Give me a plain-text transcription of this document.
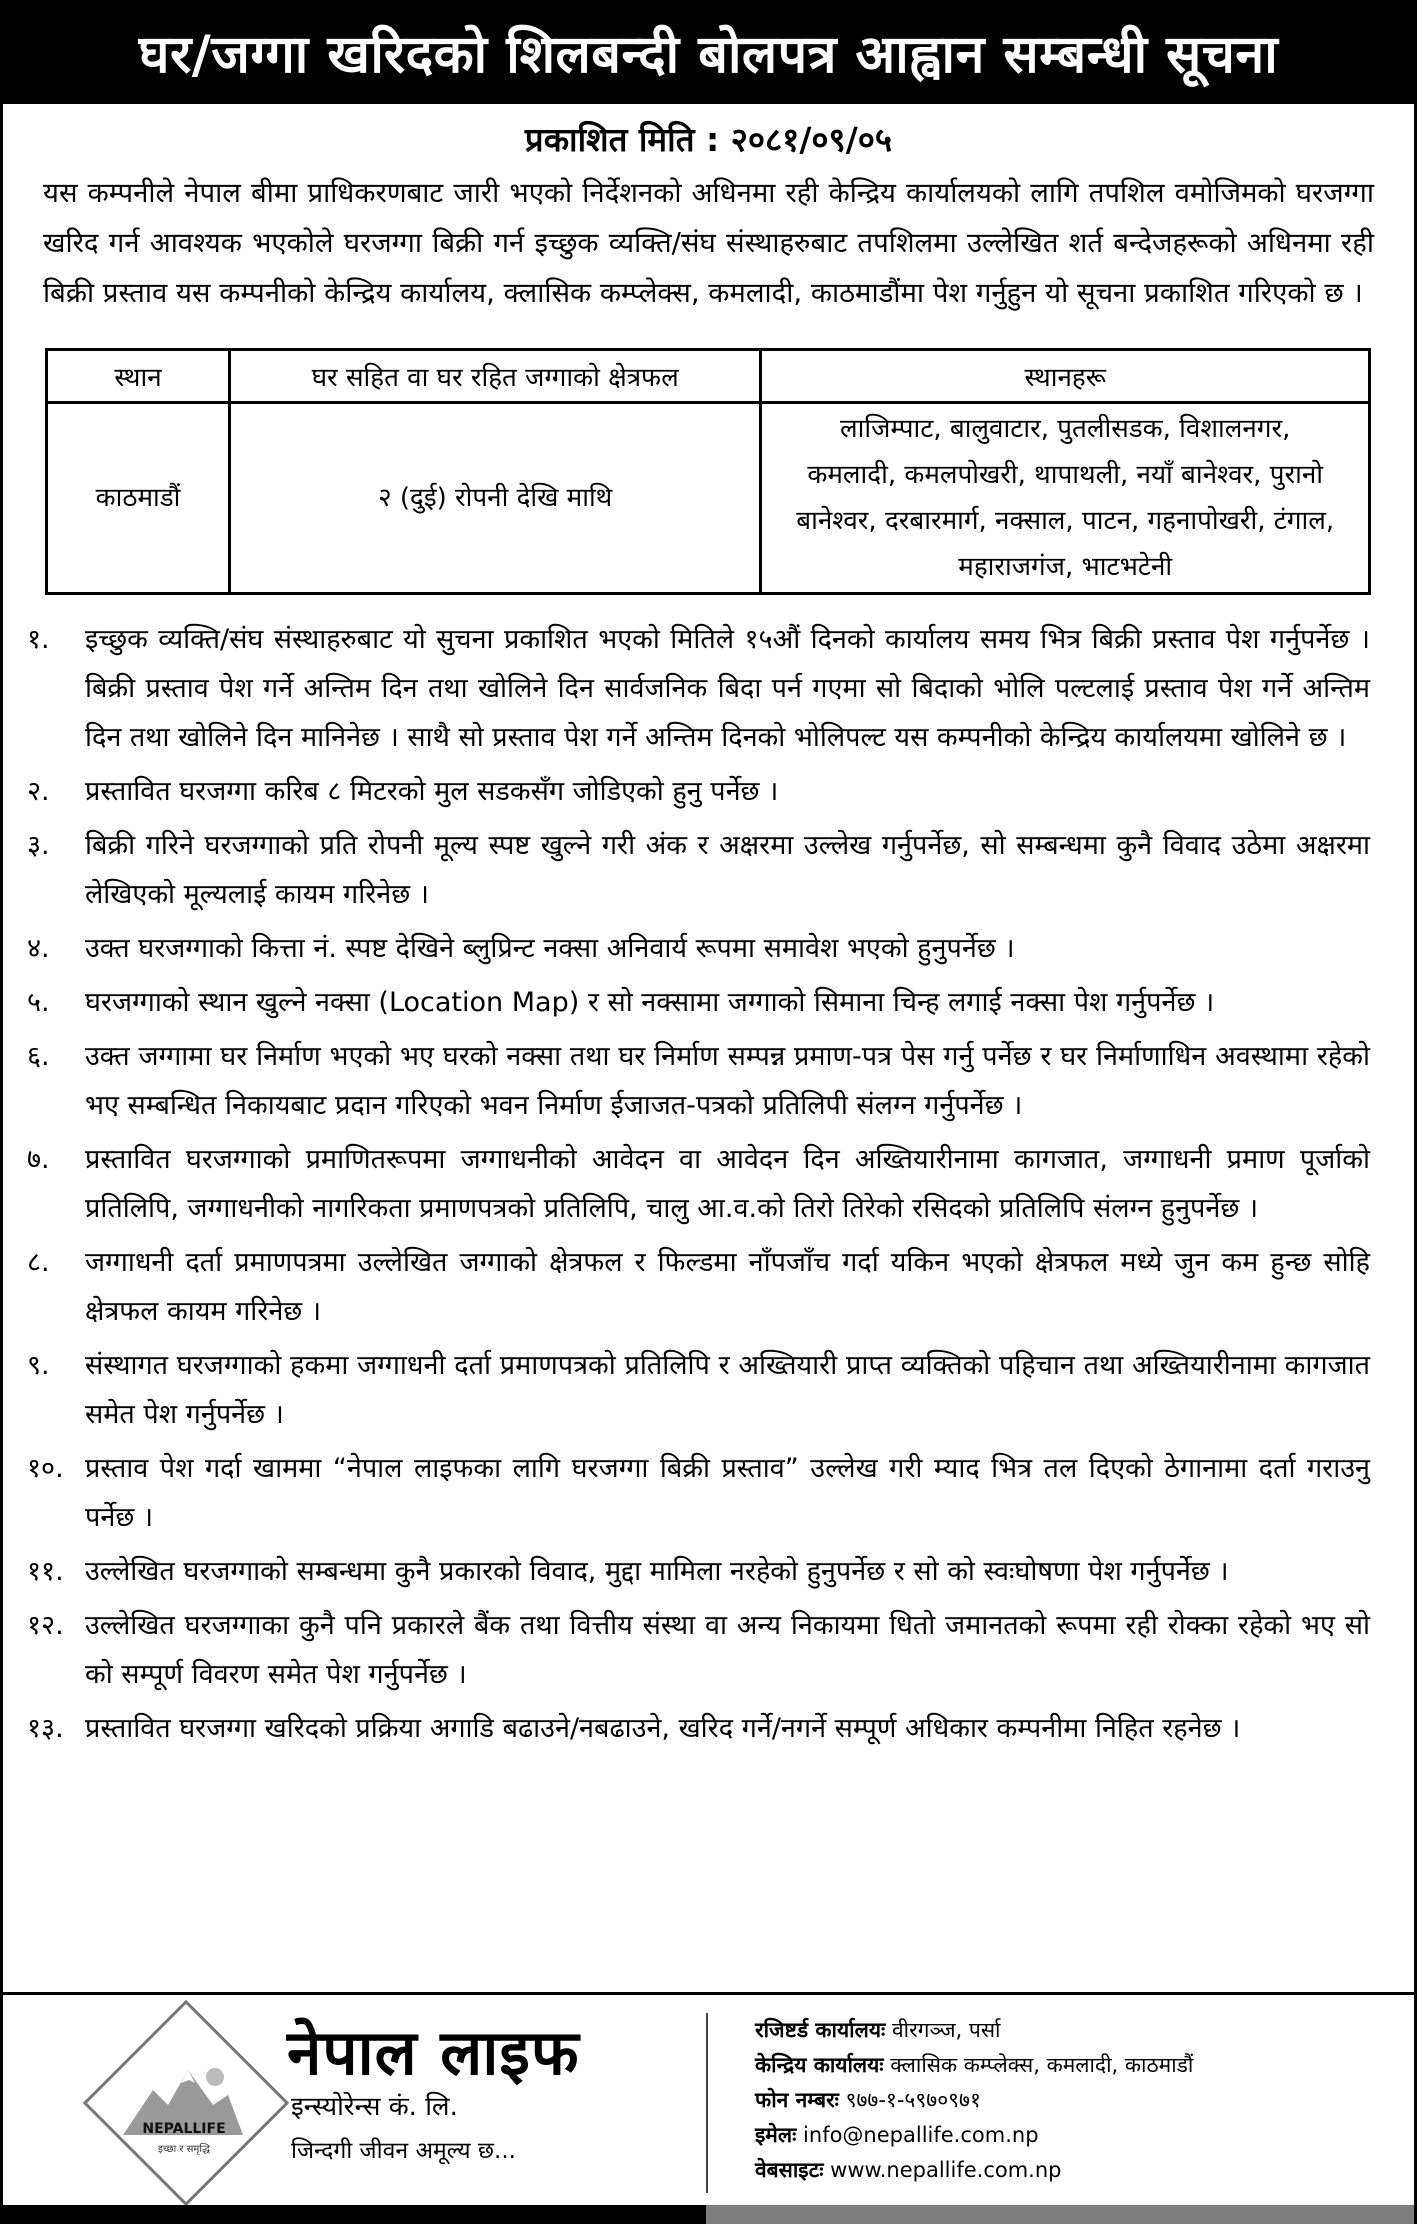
घर/जग्गा खरिदको शिलबन्दी बोलपत्र आह्वान सम्बन्धी सूचना
प्रकाशित मिति : २०८१/०९/०५
यस कम्पनीले नेपाल बीमा प्राधिकरणबाट जारी भएको निर्देशनको अधिनमा रही केन्द्रिय कार्यालयको लागि तपशिल वमोजिमको घरजग्गा खरिद गर्न आवश्यक भएकोले घरजग्गा बिक्री गर्न इच्छुक व्यक्ति/संघ संस्थाहरुबाट तपशिलमा उल्लेखित शर्त बन्देजहरूको अधिनमा रही बिक्री प्रस्ताव यस कम्पनीको केन्द्रिय कार्यालय, क्लासिक कम्प्लेक्स, कमलादी, काठमाडौंमा पेश गर्नुहुन यो सूचना प्रकाशित गरिएको छ ।
स्थान	घर सहित वा घर रहित जग्गाको क्षेत्रफल	स्थानहरू
काठमाडौं	२ (दुई) रोपनी देखि माथि	लाजिम्पाट, बालुवाटार, पुतलीसडक, विशालनगर, कमलादी, कमलपोखरी, थापाथली, नयाँ बानेश्वर, पुरानो बानेश्वर, दरबारमार्ग, नक्साल, पाटन, गहनापोखरी, टंगाल, महाराजगंज, भाटभटेनी
१. इच्छुक व्यक्ति/संघ संस्थाहरुबाट यो सुचना प्रकाशित भएको मितिले १५औं दिनको कार्यालय समय भित्र बिक्री प्रस्ताव पेश गर्नुपर्नेछ । बिक्री प्रस्ताव पेश गर्ने अन्तिम दिन तथा खोलिने दिन सार्वजनिक बिदा पर्न गएमा सो बिदाको भोलि पल्टलाई प्रस्ताव पेश गर्ने अन्तिम दिन तथा खोलिने दिन मानिनेछ । साथै सो प्रस्ताव पेश गर्ने अन्तिम दिनको भोलिपल्ट यस कम्पनीको केन्द्रिय कार्यालयमा खोलिने छ ।
२. प्रस्तावित घरजग्गा करिब ८ मिटरको मुल सडकसँग जोडिएको हुनु पर्नेछ ।
३. बिक्री गरिने घरजग्गाको प्रति रोपनी मूल्य स्पष्ट खुल्ने गरी अंक र अक्षरमा उल्लेख गर्नुपर्नेछ, सो सम्बन्धमा कुनै विवाद उठेमा अक्षरमा लेखिएको मूल्यलाई कायम गरिनेछ ।
४. उक्त घरजग्गाको कित्ता नं. स्पष्ट देखिने ब्लुप्रिन्ट नक्सा अनिवार्य रूपमा समावेश भएको हुनुपर्नेछ ।
५. घरजग्गाको स्थान खुल्ने नक्सा (Location Map) र सो नक्सामा जग्गाको सिमाना चिन्ह लगाई नक्सा पेश गर्नुपर्नेछ ।
६. उक्त जग्गामा घर निर्माण भएको भए घरको नक्सा तथा घर निर्माण सम्पन्न प्रमाण-पत्र पेस गर्नु पर्नेछ र घर निर्माणाधिन अवस्थामा रहेको भए सम्बन्धित निकायबाट प्रदान गरिएको भवन निर्माण ईजाजत-पत्रको प्रतिलिपी संलग्न गर्नुपर्नेछ ।
७. प्रस्तावित घरजग्गाको प्रमाणितरूपमा जग्गाधनीको आवेदन वा आवेदन दिन अख्तियारीनामा कागजात, जग्गाधनी प्रमाण पूर्जाको प्रतिलिपि, जग्गाधनीको नागरिकता प्रमाणपत्रको प्रतिलिपि, चालु आ.व.को तिरो तिरेको रसिदको प्रतिलिपि संलग्न हुनुपर्नेछ ।
८. जग्गाधनी दर्ता प्रमाणपत्रमा उल्लेखित जग्गाको क्षेत्रफल र फिल्डमा नाँपजाँच गर्दा यकिन भएको क्षेत्रफल मध्ये जुन कम हुन्छ सोहि क्षेत्रफल कायम गरिनेछ ।
९. संस्थागत घरजग्गाको हकमा जग्गाधनी दर्ता प्रमाणपत्रको प्रतिलिपि र अख्तियारी प्राप्त व्यक्तिको पहिचान तथा अख्तियारीनामा कागजात समेत पेश गर्नुपर्नेछ ।
१०. प्रस्ताव पेश गर्दा खाममा “नेपाल लाइफका लागि घरजग्गा बिक्री प्रस्ताव” उल्लेख गरी म्याद भित्र तल दिएको ठेगानामा दर्ता गराउनु पर्नेछ ।
११. उल्लेखित घरजग्गाको सम्बन्धमा कुनै प्रकारको विवाद, मुद्दा मामिला नरहेको हुनुपर्नेछ र सो को स्वःघोषणा पेश गर्नुपर्नेछ ।
१२. उल्लेखित घरजग्गाका कुनै पनि प्रकारले बैंक तथा वित्तीय संस्था वा अन्य निकायमा धितो जमानतको रूपमा रही रोक्का रहेको भए सो को सम्पूर्ण विवरण समेत पेश गर्नुपर्नेछ ।
१३. प्रस्तावित घरजग्गा खरिदको प्रक्रिया अगाडि बढाउने/नबढाउने, खरिद गर्ने/नगर्ने सम्पूर्ण अधिकार कम्पनीमा निहित रहनेछ ।
NEPALLIFE
इच्छा र समृद्धि
नेपाल लाइफ
इन्स्योरेन्स कं. लि.
जिन्दगी जीवन अमूल्य छ...
रजिष्टर्ड कार्यालयः वीरगञ्ज, पर्सा
केन्द्रिय कार्यालयः क्लासिक कम्प्लेक्स, कमलादी, काठमाडौं
फोन नम्बरः ९७७-१-५९७०९७१
इमेलः info@nepallife.com.np
वेबसाइटः www.nepallife.com.np
